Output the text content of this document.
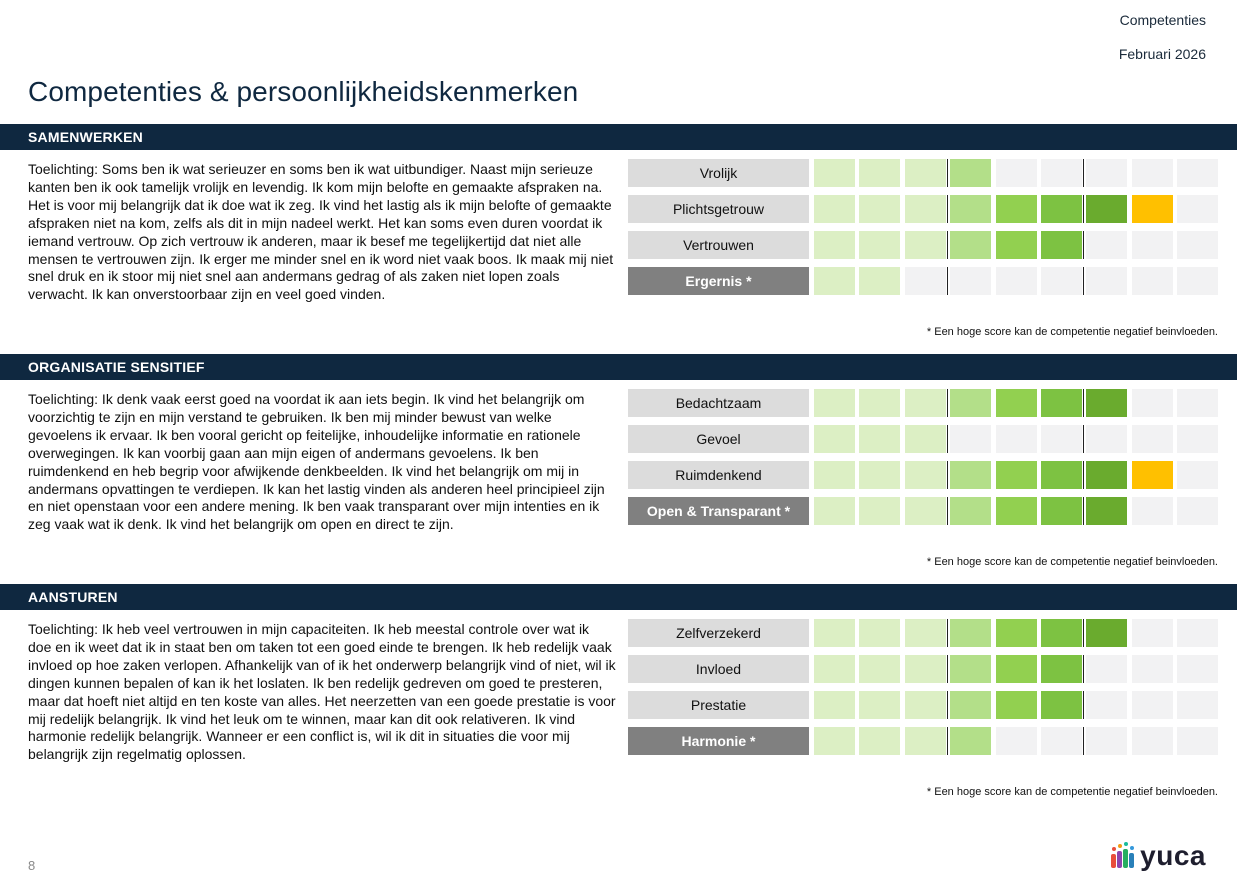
Competenties
Februari 2026
Competenties & persoonlijkheidskenmerken
SAMENWERKEN

Toelichting: Soms ben ik wat serieuzer en soms ben ik wat uitbundiger. Naast mijn serieuze kanten ben ik ook tamelijk vrolijk en levendig. Ik kom mijn belofte en gemaakte afspraken na. Het is voor mij belangrijk dat ik doe wat ik zeg. Ik vind het lastig als ik mijn belofte of gemaakte afspraken niet na kom, zelfs als dit in mijn nadeel werkt. Het kan soms even duren voordat ik iemand vertrouw. Op zich vertrouw ik anderen, maar ik besef me tegelijkertijd dat niet alle mensen te vertrouwen zijn. Ik erger me minder snel en ik word niet vaak boos. Ik maak mij niet snel druk en ik stoor mij niet snel aan andermans gedrag of als zaken niet lopen zoals verwacht. Ik kan onverstoorbaar zijn en veel goed vinden.

Vrolijk
Plichtsgetrouw
Vertrouwen
Ergernis *
* Een hoge score kan de competentie negatief beinvloeden.
ORGANISATIE SENSITIEF

Toelichting: Ik denk vaak eerst goed na voordat ik aan iets begin. Ik vind het belangrijk om voorzichtig te zijn en mijn verstand te gebruiken. Ik ben mij minder bewust van welke gevoelens ik ervaar. Ik ben vooral gericht op feitelijke, inhoudelijke informatie en rationele overwegingen. Ik kan voorbij gaan aan mijn eigen of andermans gevoelens. Ik ben ruimdenkend en heb begrip voor afwijkende denkbeelden. Ik vind het belangrijk om mij in andermans opvattingen te verdiepen. Ik kan het lastig vinden als anderen heel principieel zijn en niet openstaan voor een andere mening. Ik ben vaak transparant over mijn intenties en ik zeg vaak wat ik denk. Ik vind het belangrijk om open en direct te zijn.

Bedachtzaam
Gevoel
Ruimdenkend
Open & Transparant *
* Een hoge score kan de competentie negatief beinvloeden.
AANSTUREN

Toelichting: Ik heb veel vertrouwen in mijn capaciteiten. Ik heb meestal controle over wat ik doe en ik weet dat ik in staat ben om taken tot een goed einde te brengen. Ik heb redelijk vaak invloed op hoe zaken verlopen. Afhankelijk van of ik het onderwerp belangrijk vind of niet, wil ik dingen kunnen bepalen of kan ik het loslaten. Ik ben redelijk gedreven om goed te presteren, maar dat hoeft niet altijd en ten koste van alles. Het neerzetten van een goede prestatie is voor mij redelijk belangrijk. Ik vind het leuk om te winnen, maar kan dit ook relativeren. Ik vind harmonie redelijk belangrijk. Wanneer er een conflict is, wil ik dit in situaties die voor mij belangrijk zijn regelmatig oplossen.

Zelfverzekerd
Invloed
Prestatie
Harmonie *
* Een hoge score kan de competentie negatief beinvloeden.
8	yuca
